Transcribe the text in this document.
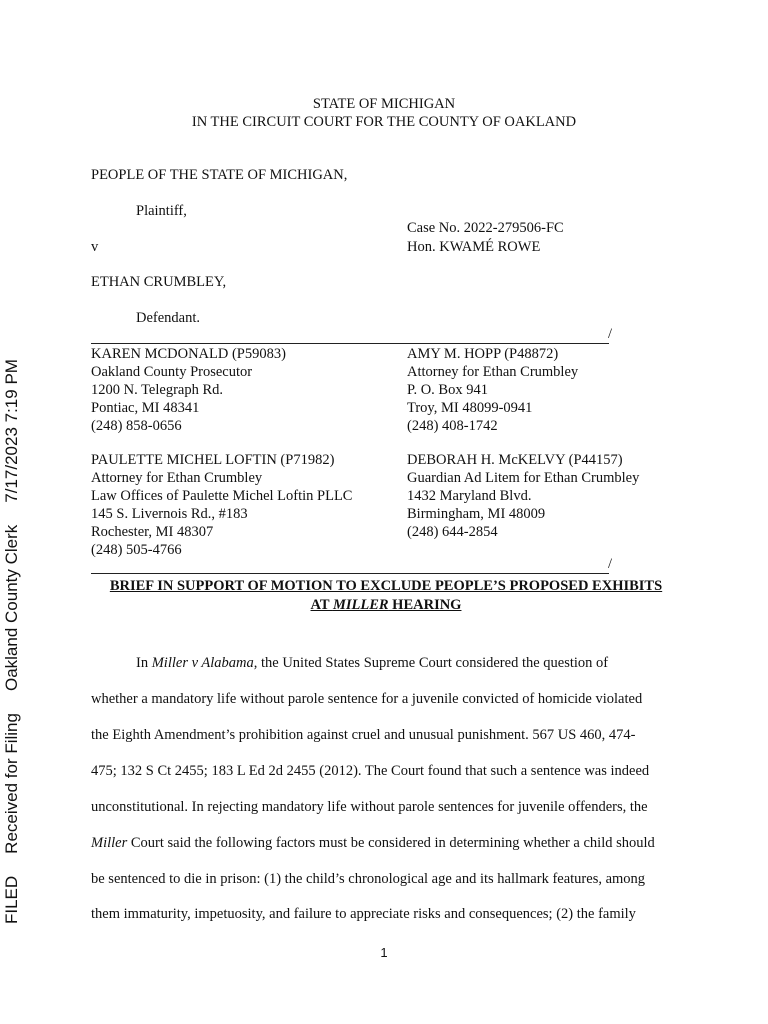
FILEDReceived for FilingOakland County Clerk7/17/2023 7:19 PM
STATE OF MICHIGAN
IN THE CIRCUIT COURT FOR THE COUNTY OF OAKLAND
PEOPLE OF THE STATE OF MICHIGAN,
Plaintiff,
Case No. 2022-279506-FC
v	Hon. KWAMÉ ROWE
ETHAN CRUMBLEY,
Defendant.
/
KAREN MCDONALD (P59083)
Oakland County Prosecutor
1200 N. Telegraph Rd.
Pontiac, MI 48341
(248) 858-0656
AMY M. HOPP (P48872)
Attorney for Ethan Crumbley
P. O. Box 941
Troy, MI 48099-0941
(248) 408-1742
PAULETTE MICHEL LOFTIN (P71982)
Attorney for Ethan Crumbley
Law Offices of Paulette Michel Loftin PLLC
145 S. Livernois Rd., #183
Rochester, MI 48307
(248) 505-4766
DEBORAH H. McKELVY (P44157)
Guardian Ad Litem for Ethan Crumbley
1432 Maryland Blvd.
Birmingham, MI 48009
(248) 644-2854
/
BRIEF IN SUPPORT OF MOTION TO EXCLUDE PEOPLE’S PROPOSED EXHIBITS
AT MILLER HEARING
In Miller v Alabama, the United States Supreme Court considered the question of
whether a mandatory life without parole sentence for a juvenile convicted of homicide violated
the Eighth Amendment’s prohibition against cruel and unusual punishment. 567 US 460, 474-
475; 132 S Ct 2455; 183 L Ed 2d 2455 (2012). The Court found that such a sentence was indeed
unconstitutional. In rejecting mandatory life without parole sentences for juvenile offenders, the
Miller Court said the following factors must be considered in determining whether a child should
be sentenced to die in prison: (1) the child’s chronological age and its hallmark features, among
them immaturity, impetuosity, and failure to appreciate risks and consequences; (2) the family
1
